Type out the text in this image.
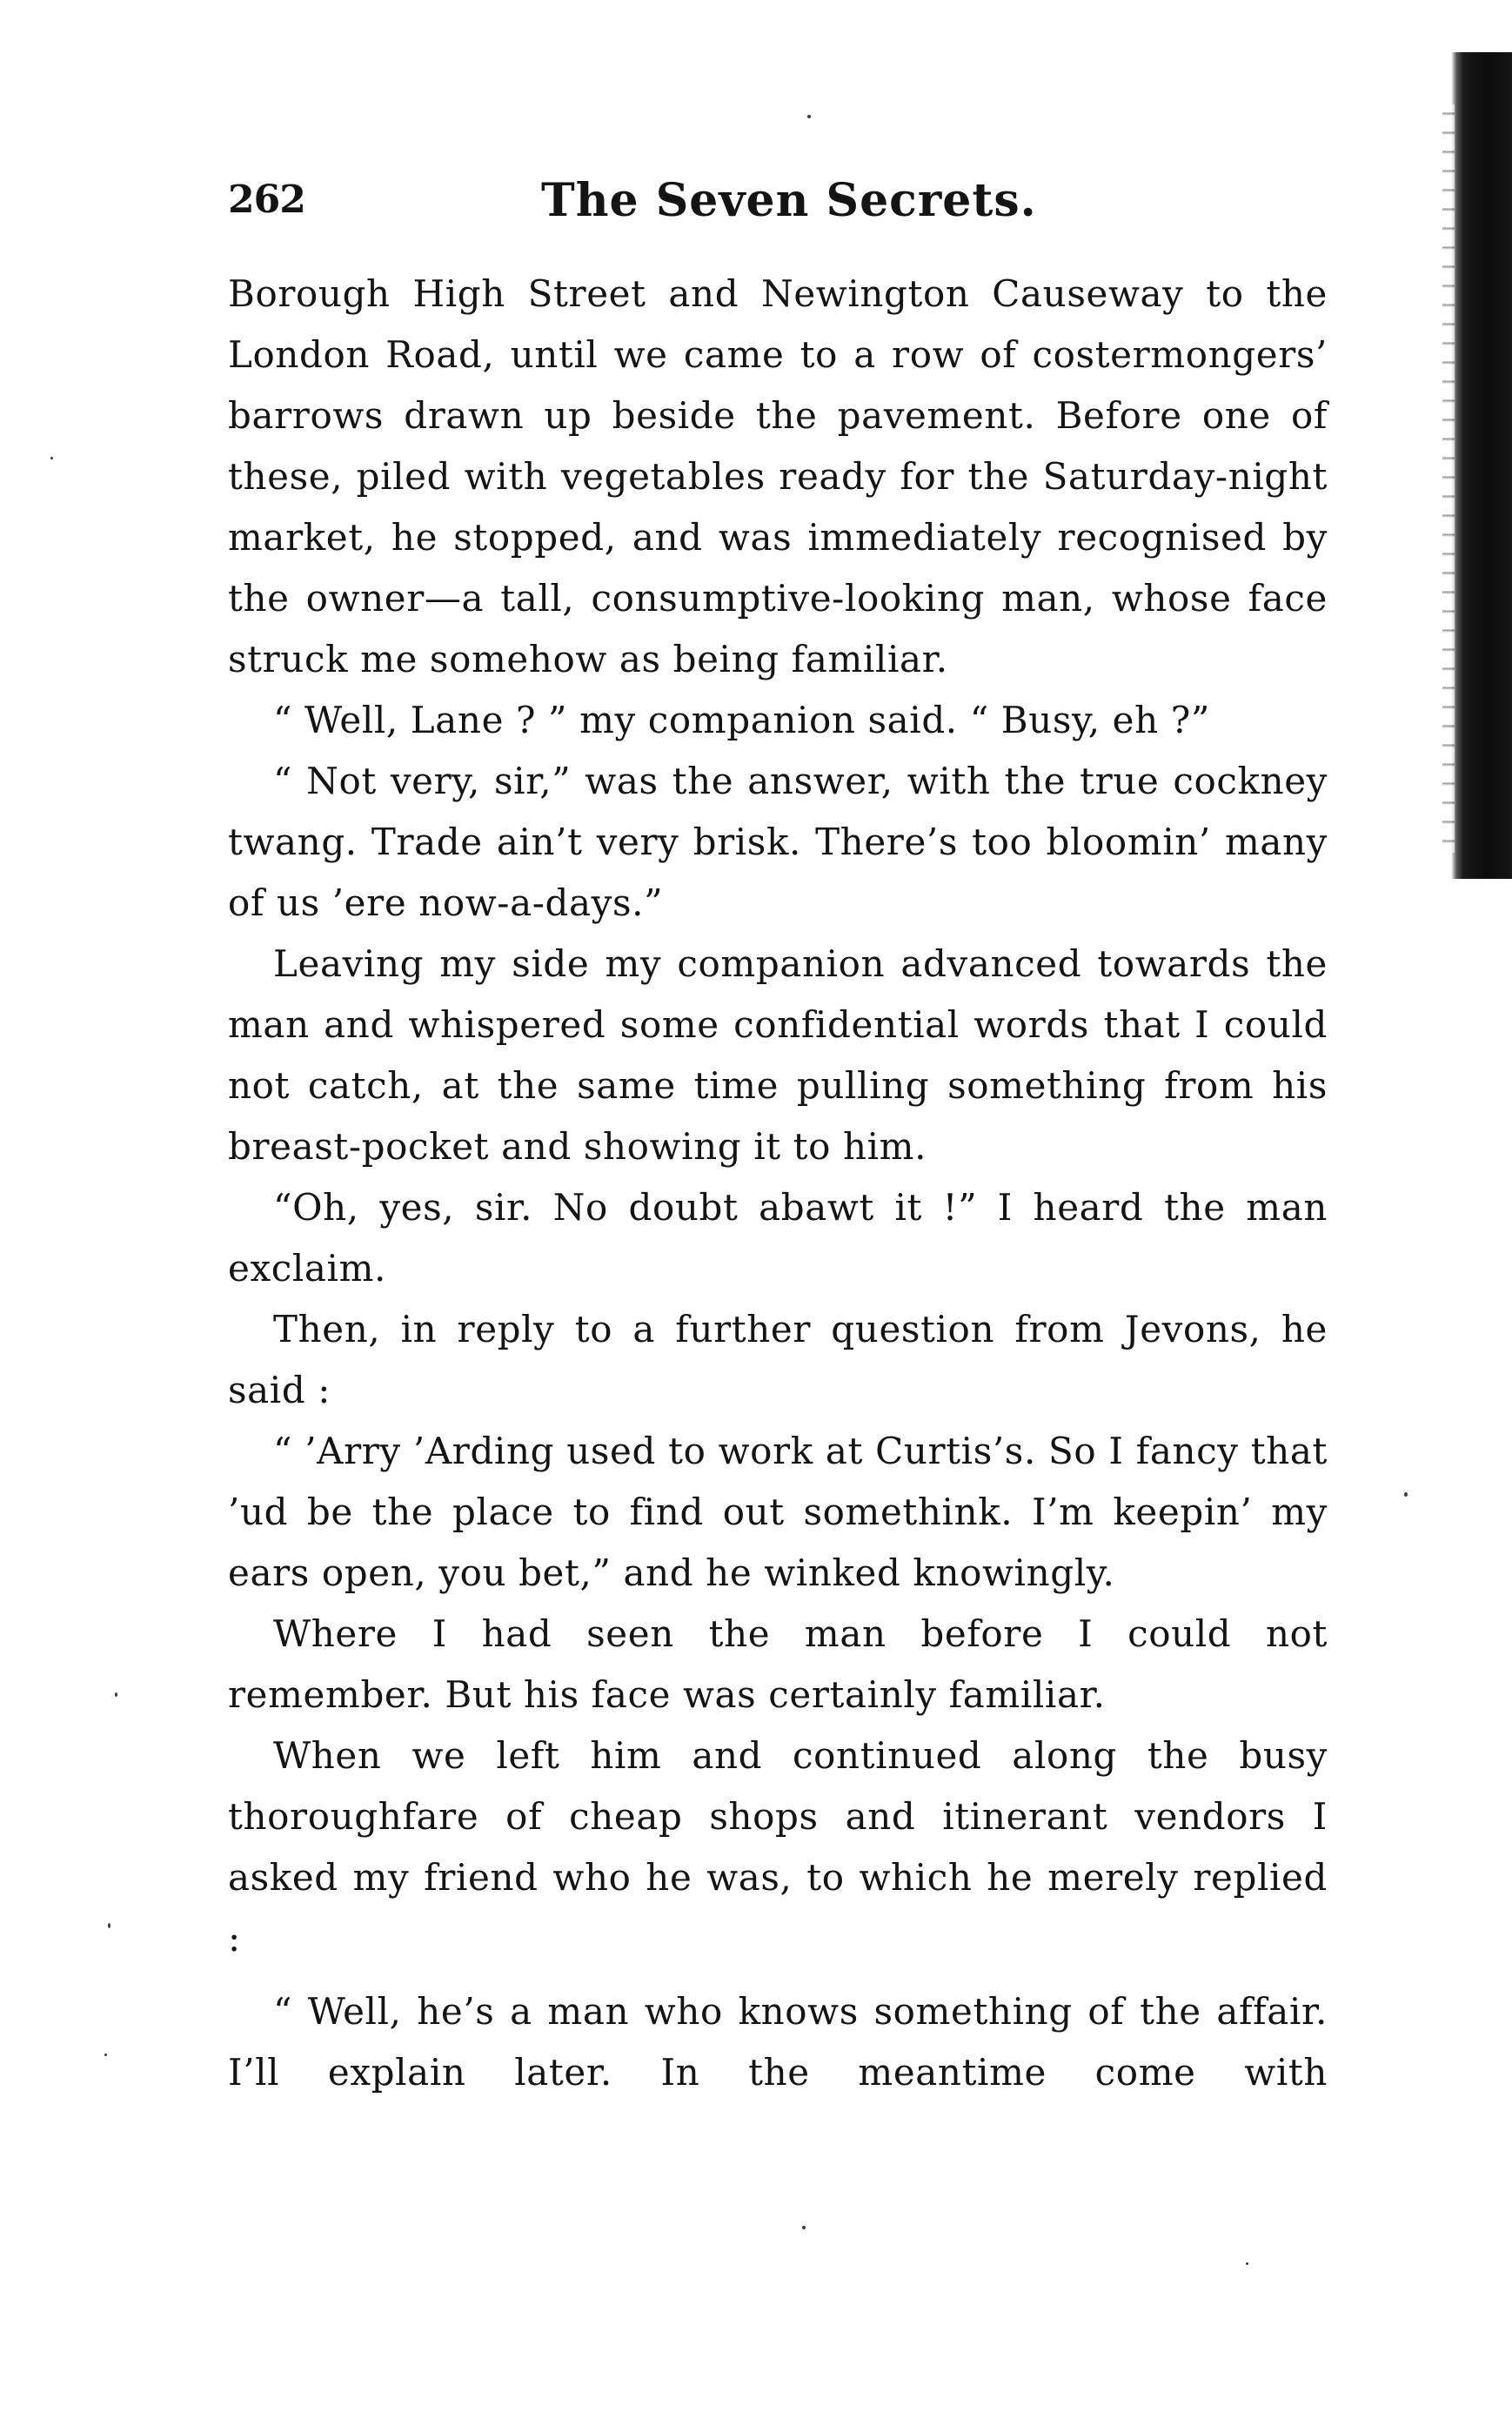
262	The Seven Secrets.

Borough High Street and Newington Causeway to the London Road, until we came to a row of costermongers’ barrows drawn up beside the pavement. Before one of these, piled with vegetables ready for the Saturday-night market, he stopped, and was immediately recognised by the owner—a tall, consumptive-looking man, whose face struck me somehow as being familiar.

“ Well, Lane ? ” my companion said. “ Busy, eh ?”

“ Not very, sir,” was the answer, with the true cockney twang. Trade ain’t very brisk. There’s too bloomin’ many of us ’ere now-a-days.”

Leaving my side my companion advanced towards the man and whispered some confidential words that I could not catch, at the same time pulling something from his breast-pocket and showing it to him.

“Oh, yes, sir. No doubt abawt it !” I heard the man exclaim.

Then, in reply to a further question from Jevons, he said :

“ ’Arry ’Arding used to work at Curtis’s. So I fancy that ’ud be the place to find out somethink. I’m keepin’ my ears open, you bet,” and he winked knowingly.

Where I had seen the man before I could not remember. But his face was certainly familiar.

When we left him and continued along the busy thoroughfare of cheap shops and itinerant vendors I asked my friend who he was, to which he merely replied :

“ Well, he’s a man who knows something of the affair. I’ll explain later. In the meantime come with
